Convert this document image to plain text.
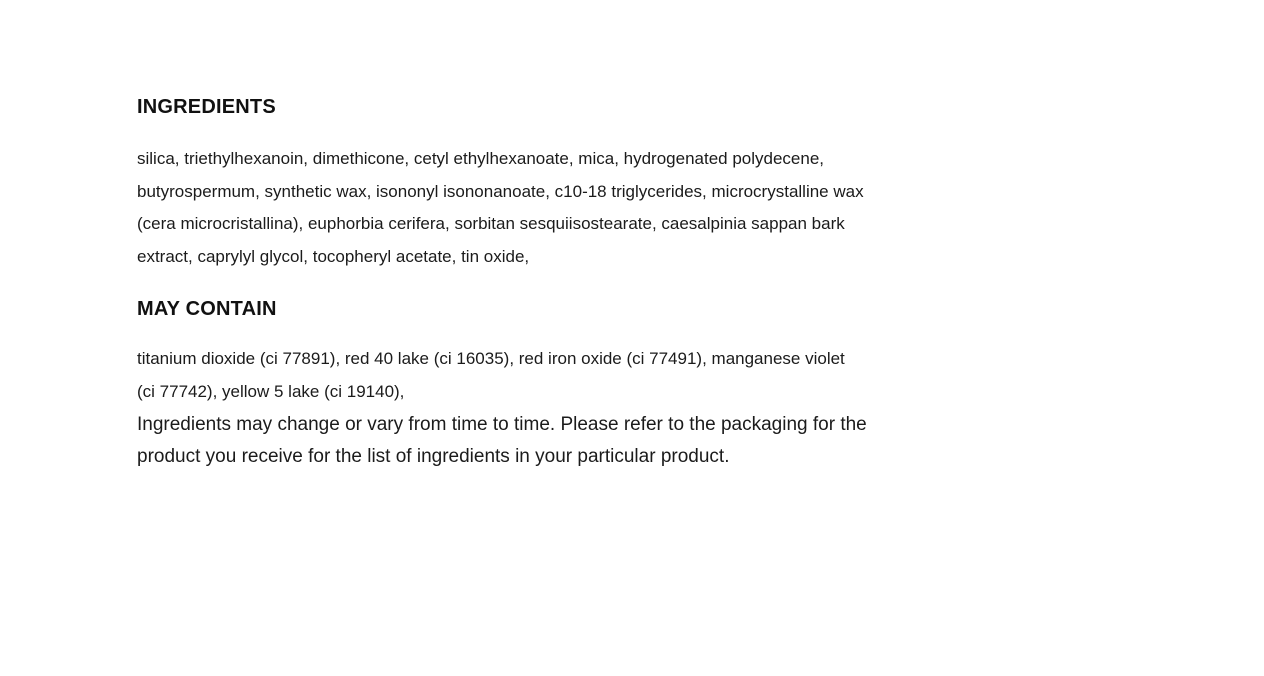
INGREDIENTS

silica, triethylhexanoin, dimethicone, cetyl ethylhexanoate, mica, hydrogenated polydecene,
butyrospermum, synthetic wax, isononyl isononanoate, c10-18 triglycerides, microcrystalline wax
(cera microcristallina), euphorbia cerifera, sorbitan sesquiisostearate, caesalpinia sappan bark
extract, caprylyl glycol, tocopheryl acetate, tin oxide,

MAY CONTAIN

titanium dioxide (ci 77891), red 40 lake (ci 16035), red iron oxide (ci 77491), manganese violet
(ci 77742), yellow 5 lake (ci 19140),

Ingredients may change or vary from time to time. Please refer to the packaging for the
product you receive for the list of ingredients in your particular product.
